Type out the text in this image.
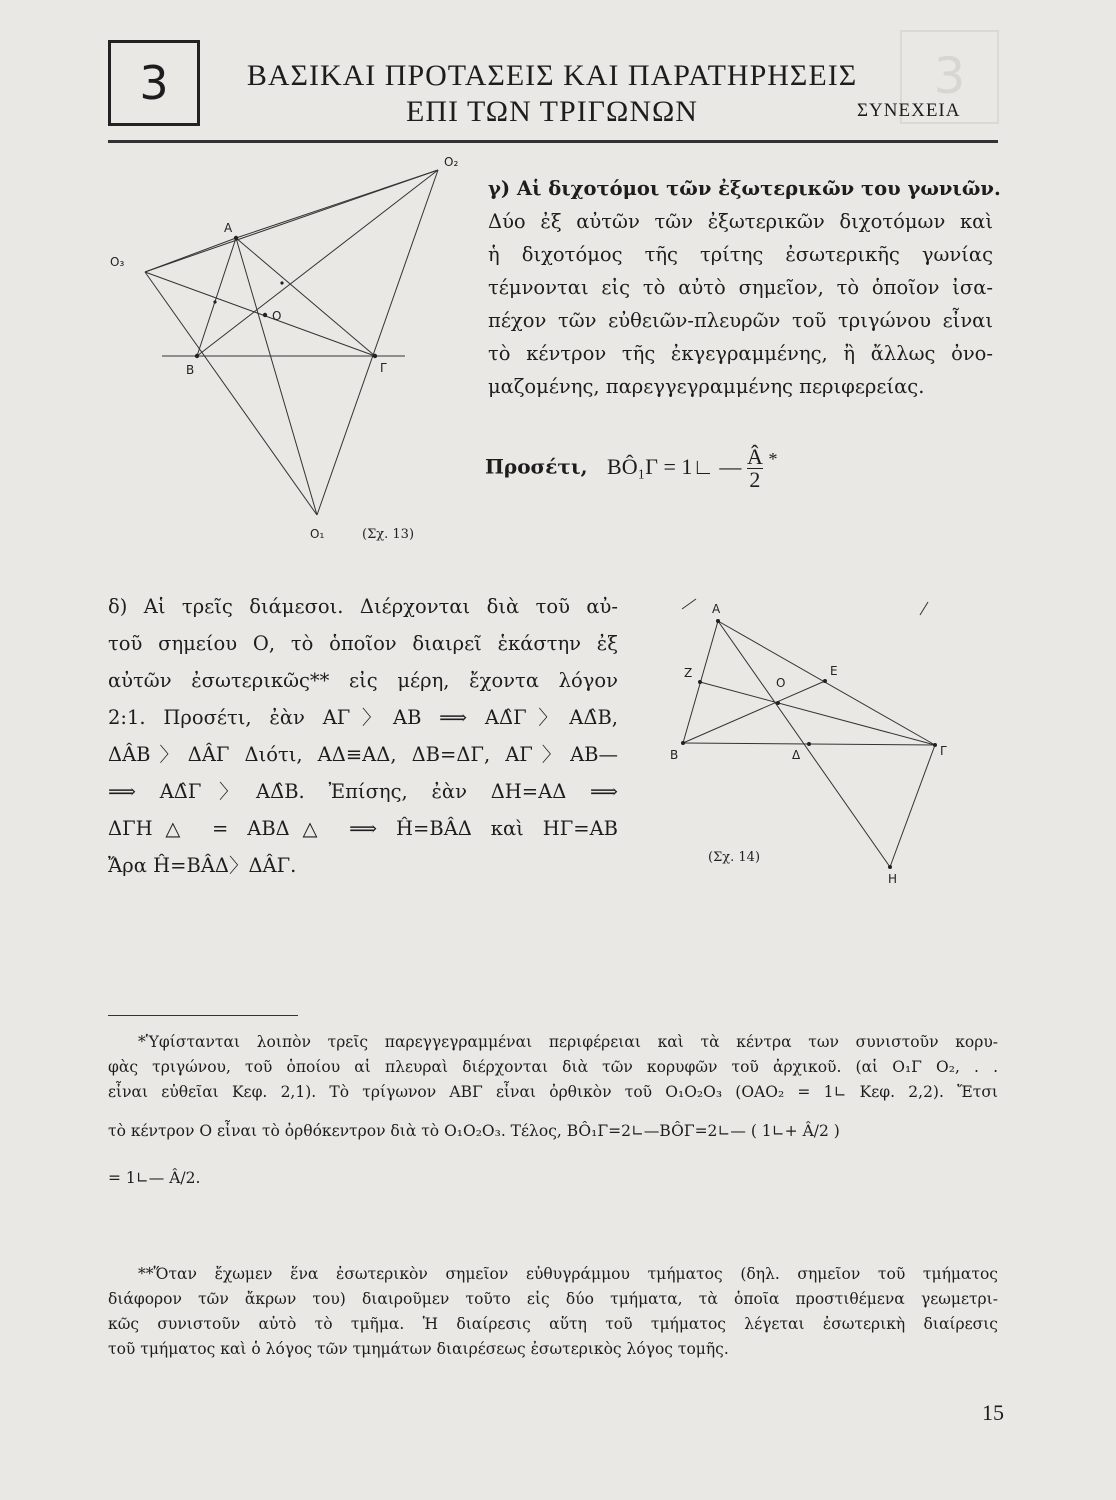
3
3	ΒΑΣΙΚΑΙ ΠΡΟΤΑΣΕΙΣ ΚΑΙ ΠΑΡΑΤΗΡΗΣΕΙΣ
ΕΠΙ ΤΩΝ ΤΡΙΓΩΝΩΝ	ΣΥΝΕΧΕΙΑ
O₂
O₃
A
O
B	Γ
O₁	(Σχ. 13)
γ) Αἱ διχοτόμοι τῶν ἐξωτερικῶν του γωνιῶν.
Δύο ἐξ αὐτῶν τῶν ἐξωτερικῶν διχοτόμων καὶ
ἡ διχοτόμος τῆς τρίτης ἐσωτερικῆς γωνίας
τέμνονται εἰς τὸ αὐτὸ σημεῖον, τὸ ὁποῖον ἰσα-
πέχον τῶν εὐθειῶν-πλευρῶν τοῦ τριγώνου εἶναι
τὸ κέντρον τῆς ἐκγεγραμμένης, ἢ ἄλλως ὀνο-
μαζομένης, παρεγγεγραμμένης περιφερείας.
Προσέτι, BÔ₁Γ = 1∟ — $\frac{Â}{2} ^*$
δ) Αἱ τρεῖς διάμεσοι. Διέρχονται διὰ τοῦ αὐ-
τοῦ σημείου Ο, τὸ ὁποῖον διαιρεῖ ἑκάστην ἐξ
αὐτῶν ἐσωτερικῶς** εἰς μέρη, ἔχοντα λόγον
2:1. Προσέτι, ἐὰν ΑΓ〉ΑΒ ⟹ ΑΔ̂Γ〉ΑΔ̂Β,
ΔÂΒ〉ΔÂΓ Διότι, ΑΔ≡ΑΔ, ΔΒ=ΔΓ, ΑΓ〉ΑΒ—
⟹ ΑΔ̂Γ〉ΑΔ̂Β. Ἐπίσης, ἐὰν ΔΗ=ΑΔ ⟹
ΔΓΗ△ = ΑΒΔ△ ⟹ Ĥ=ΒÂΔ καὶ ΗΓ=ΑΒ
Ἄρα Ĥ=ΒÂΔ〉ΔÂΓ.
A
Z	E
O
B	Δ	Γ
H
(Σχ. 14)
*Ὑφίστανται λοιπὸν τρεῖς παρεγγεγραμμέναι περιφέρειαι καὶ τὰ κέντρα των συνιστοῦν κορυ-
φὰς τριγώνου, τοῦ ὁποίου αἱ πλευραὶ διέρχονται διὰ τῶν κορυφῶν τοῦ ἀρχικοῦ. (αἱ O₁Γ O₂, . .
εἶναι εὐθεῖαι Κεφ. 2,1). Τὸ τρίγωνον ΑΒΓ εἶναι ὀρθικὸν τοῦ O₁O₂O₃ (OAO₂ = 1∟ Κεφ. 2,2). Ἔτσι
τὸ κέντρον Ο εἶναι τὸ ὀρθόκεντρον διὰ τὸ O₁O₂O₃. Τέλος, BÔ₁Γ=2∟—BÔΓ=2∟— ( 1∟+ Â/2 )
= 1∟— Â/2.
**Ὅταν ἔχωμεν ἕνα ἐσωτερικὸν σημεῖον εὐθυγράμμου τμήματος (δηλ. σημεῖον τοῦ τμήματος
διάφορον τῶν ἄκρων του) διαιροῦμεν τοῦτο εἰς δύο τμήματα, τὰ ὁποῖα προστιθέμενα γεωμετρι-
κῶς συνιστοῦν αὐτὸ τὸ τμῆμα. Ἡ διαίρεσις αὕτη τοῦ τμήματος λέγεται ἐσωτερικὴ διαίρεσις
τοῦ τμήματος καὶ ὁ λόγος τῶν τμημάτων διαιρέσεως ἐσωτερικὸς λόγος τομῆς.
15
